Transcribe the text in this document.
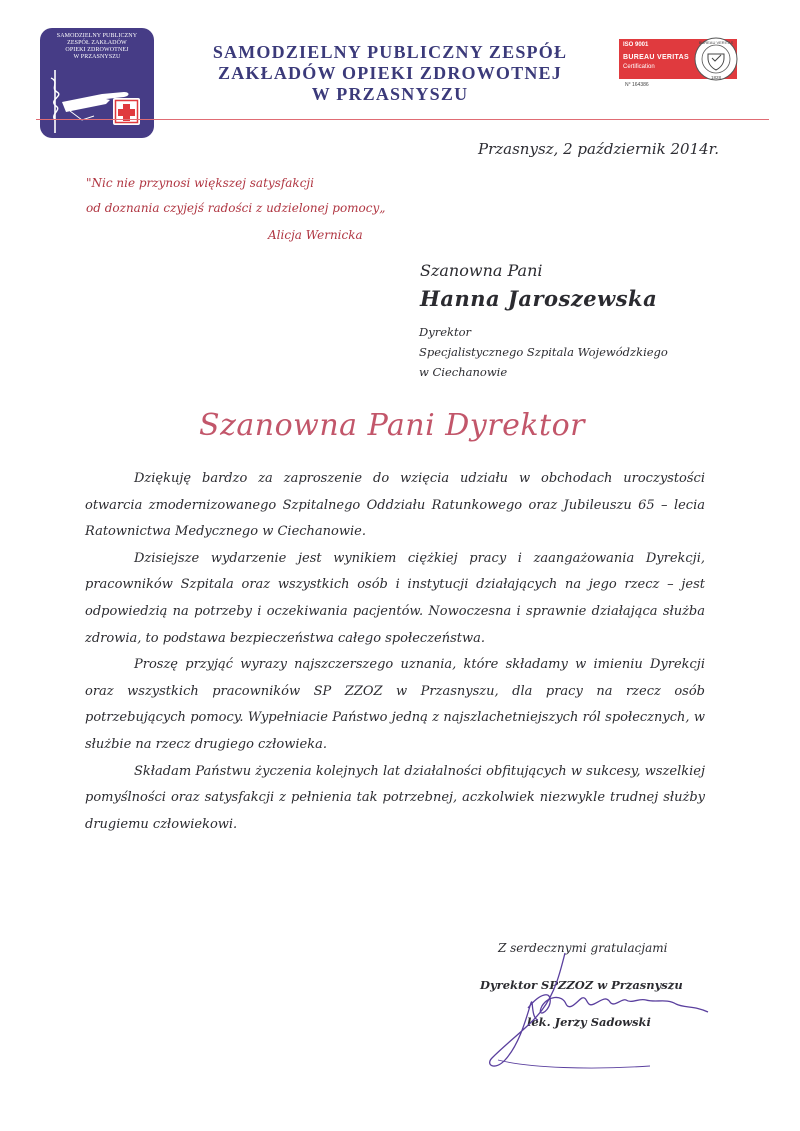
SAMODZIELNY PUBLICZNY
ZESPÓŁ ZAKŁADÓW
OPIEKI ZDROWOTNEJ
W PRZASNYSZU	SAMODZIELNY PUBLICZNY ZESPÓŁ
ZAKŁADÓW OPIEKI ZDROWOTNEJ
W PRZASNYSZU
ISO 9001
BUREAU VERITAS
Certification
BUREAU VERITAS
1828
N° 164386
Przasnysz, 2 październik 2014r.
"Nic nie przynosi większej satysfakcji
od doznania czyjejś radości z udzielonej pomocy„
Alicja Wernicka
Szanowna Pani
Hanna Jaroszewska
Dyrektor
Specjalistycznego Szpitala Wojewódzkiego
w Ciechanowie
Szanowna Pani Dyrektor

Dziękuję bardzo za zaproszenie do wzięcia udziału w obchodach uroczystości otwarcia zmodernizowanego Szpitalnego Oddziału Ratunkowego oraz Jubileuszu 65 – lecia Ratownictwa Medycznego w Ciechanowie.

Dzisiejsze wydarzenie jest wynikiem ciężkiej pracy i zaangażowania Dyrekcji, pracowników Szpitala oraz wszystkich osób i instytucji działających na jego rzecz – jest odpowiedzią na potrzeby i oczekiwania pacjentów. Nowoczesna i sprawnie działająca służba zdrowia, to podstawa bezpieczeństwa całego społeczeństwa.

Proszę przyjąć wyrazy najszczerszego uznania, które składamy w imieniu Dyrekcji oraz wszystkich pracowników SP ZZOZ w Przasnyszu, dla pracy na rzecz osób potrzebujących pomocy. Wypełniacie Państwo jedną z najszlachetniejszych ról społecznych, w służbie na rzecz drugiego człowieka.

Składam Państwu życzenia kolejnych lat działalności obfitujących w sukcesy, wszelkiej pomyślności oraz satysfakcji z pełnienia tak potrzebnej, aczkolwiek niezwykle trudnej służby drugiemu człowiekowi.

Z serdecznymi gratulacjami
Dyrektor SPZZOZ w Przasnyszu
lek. Jerzy Sadowski
